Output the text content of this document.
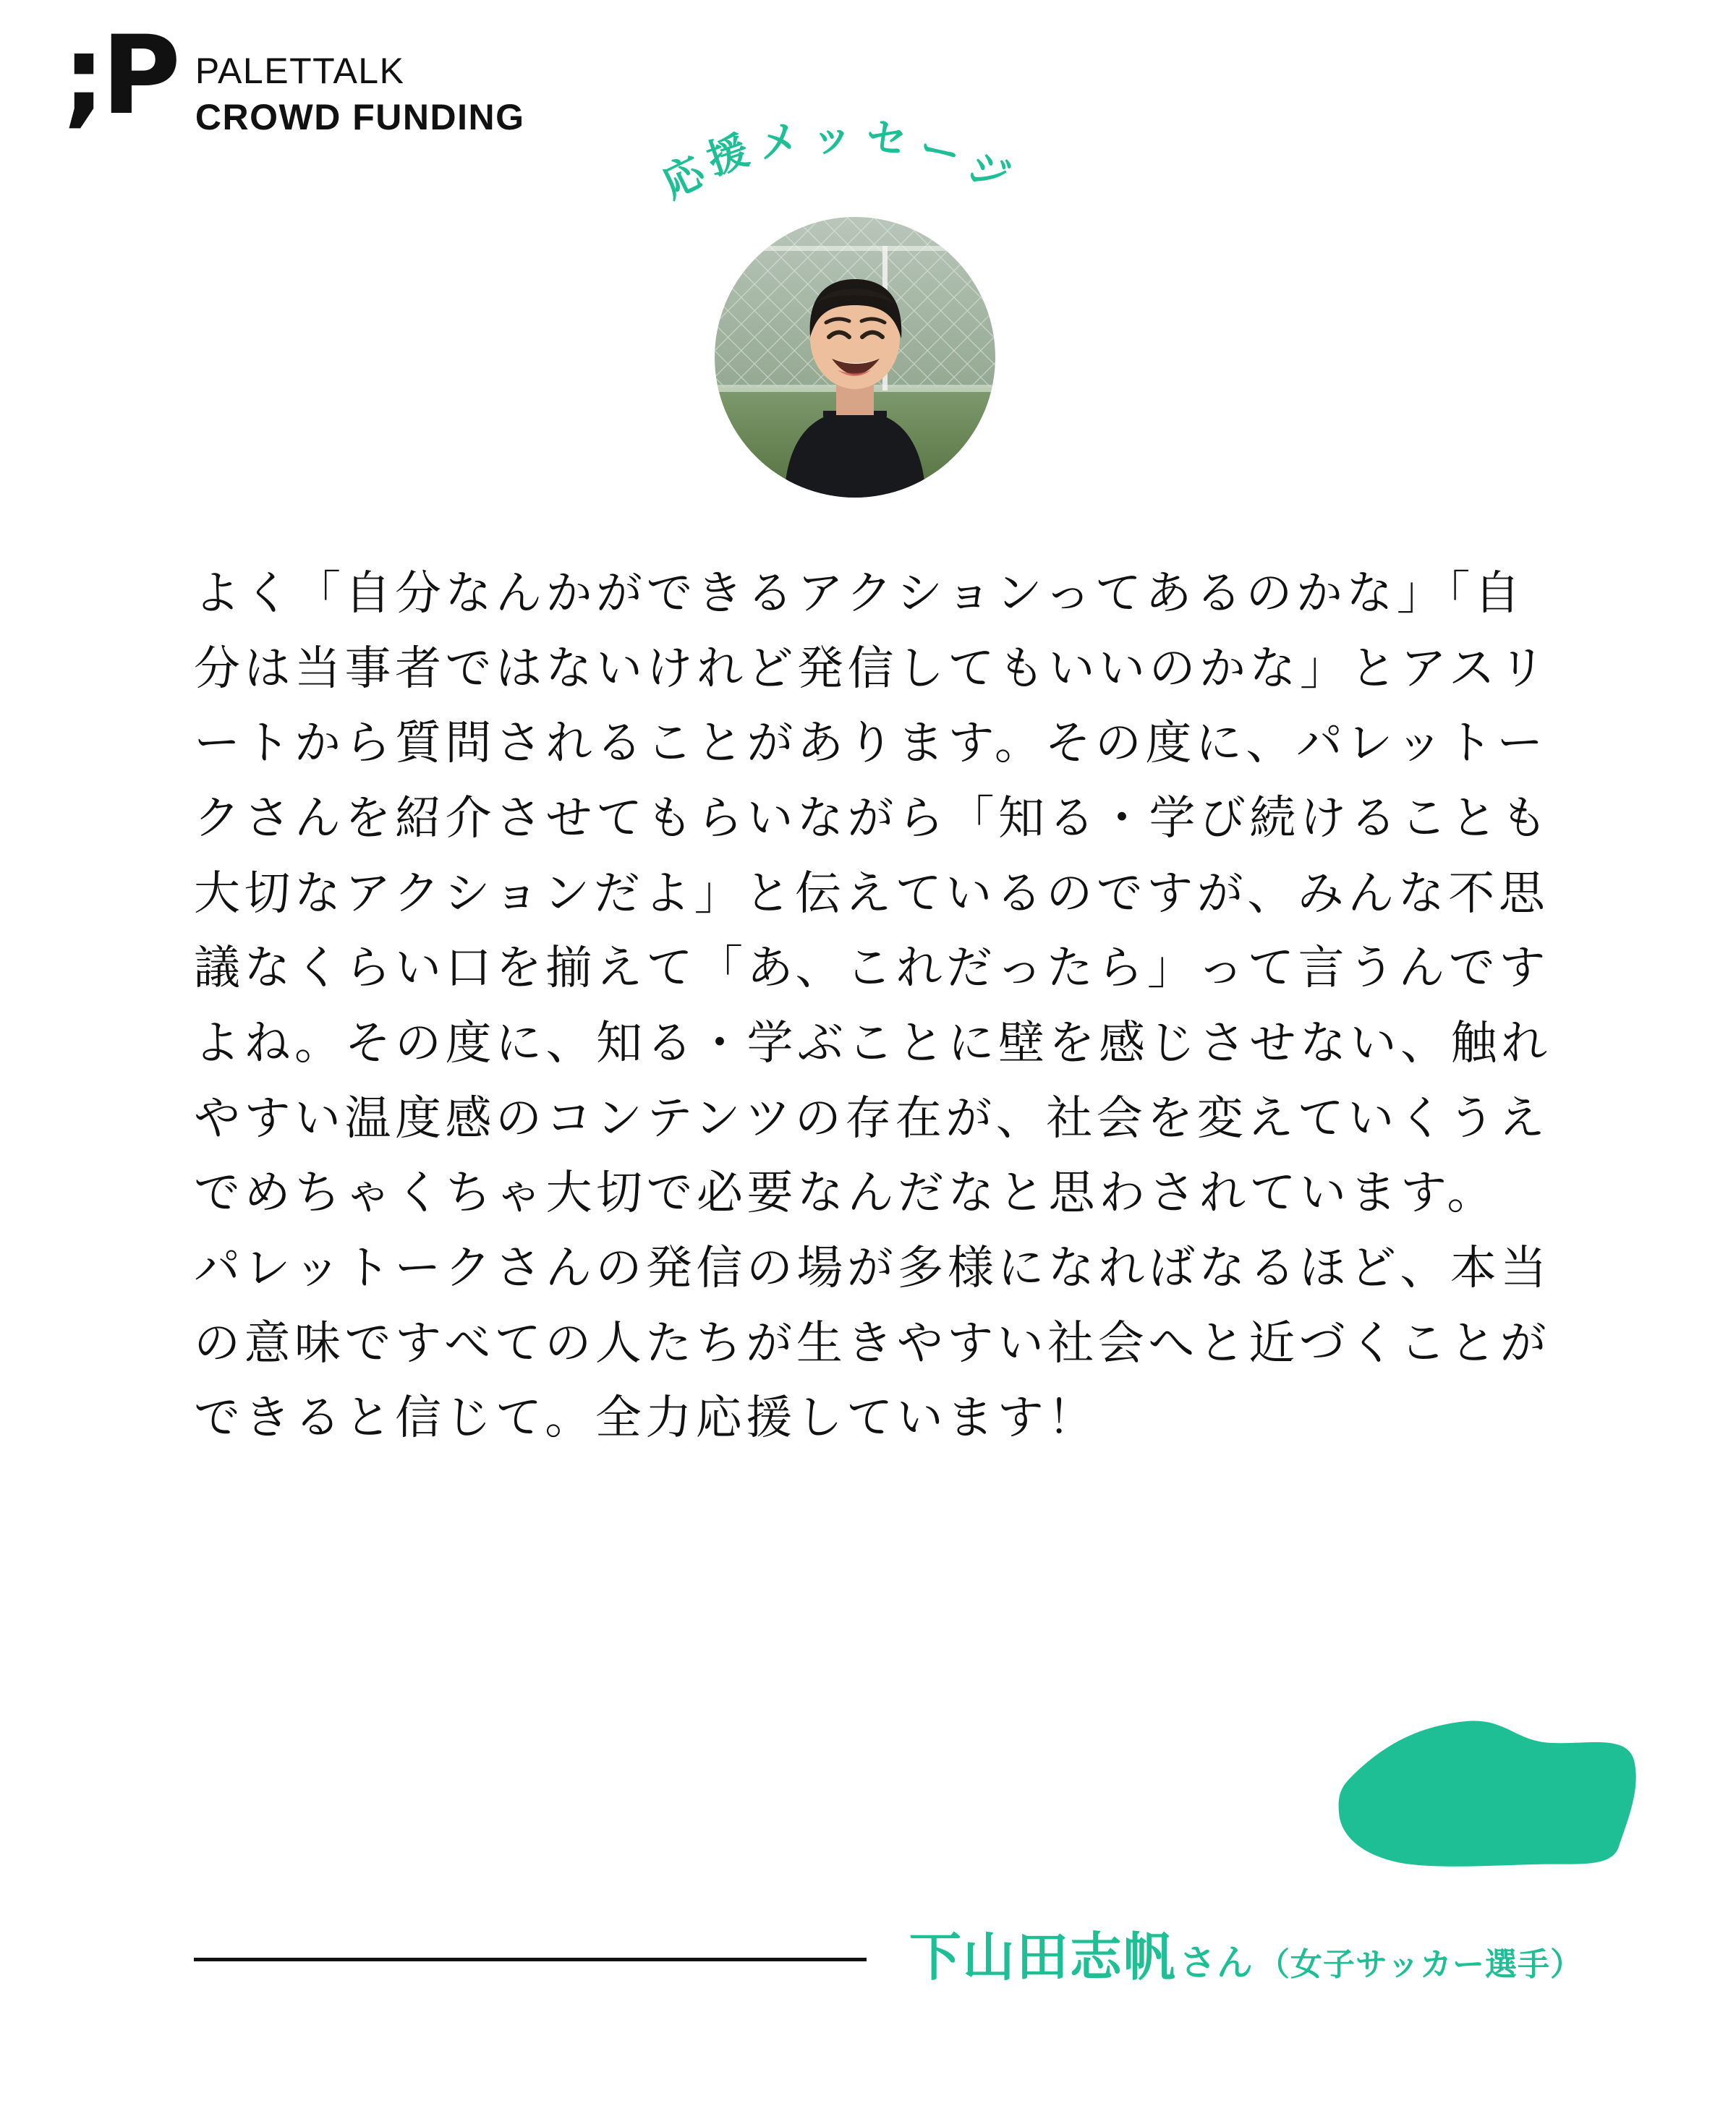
;P PALETTALK
CROWD FUNDING
応
援 メ ッ セ ー
ジ

よく「自分なんかができるアクションってあるのかな」「自分は当事者ではないけれど発信してもいいのかな」とアスリートから質問されることがあります。その度に、パレットークさんを紹介させてもらいながら「知る・学び続けることも大切なアクションだよ」と伝えているのですが、みんな不思議なくらい口を揃えて「あ、これだったら」って言うんですよね。その度に、知る・学ぶことに壁を感じさせない、触れやすい温度感のコンテンツの存在が、社会を変えていくうえでめちゃくちゃ大切で必要なんだなと思わされています。 パレットークさんの発信の場が多様になればなるほど、本当の意味ですべての人たちが生きやすい社会へと近づくことができると信じて。全力応援しています！

下山田志帆 さん （女子サッカー選手）
